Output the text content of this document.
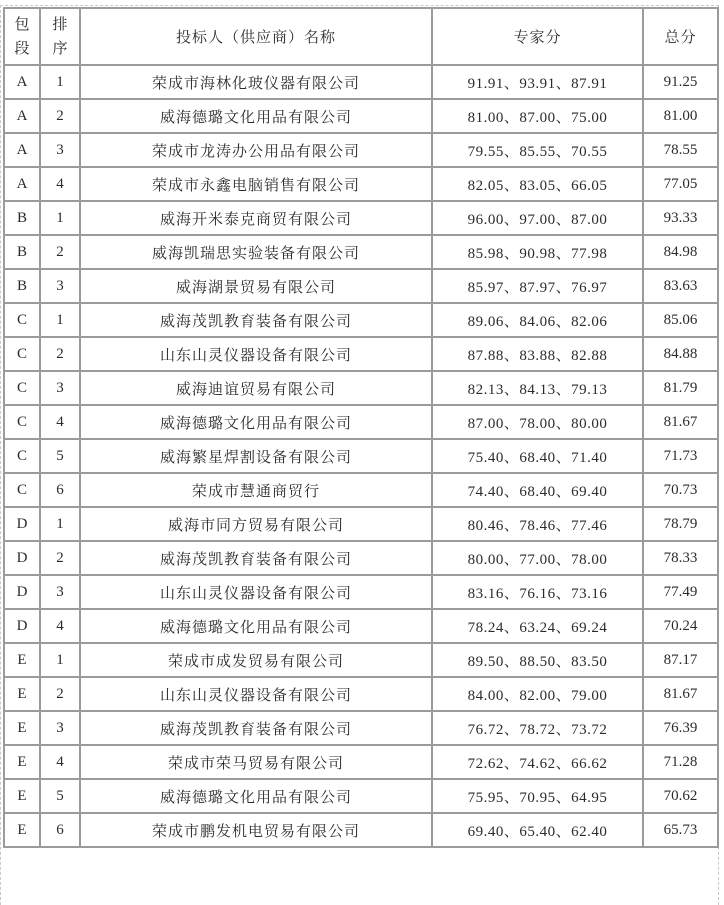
包段	排序	投标人（供应商）名称	专家分	总分
A	1	荣成市海林化玻仪器有限公司	91.91、93.91、87.91	91.25
A	2	威海德璐文化用品有限公司	81.00、87.00、75.00	81.00
A	3	荣成市龙涛办公用品有限公司	79.55、85.55、70.55	78.55
A	4	荣成市永鑫电脑销售有限公司	82.05、83.05、66.05	77.05
B	1	威海开米泰克商贸有限公司	96.00、97.00、87.00	93.33
B	2	威海凯瑞思实验装备有限公司	85.98、90.98、77.98	84.98
B	3	威海湖景贸易有限公司	85.97、87.97、76.97	83.63
C	1	威海茂凯教育装备有限公司	89.06、84.06、82.06	85.06
C	2	山东山灵仪器设备有限公司	87.88、83.88、82.88	84.88
C	3	威海迪谊贸易有限公司	82.13、84.13、79.13	81.79
C	4	威海德璐文化用品有限公司	87.00、78.00、80.00	81.67
C	5	威海繁星焊割设备有限公司	75.40、68.40、71.40	71.73
C	6	荣成市慧通商贸行	74.40、68.40、69.40	70.73
D	1	威海市同方贸易有限公司	80.46、78.46、77.46	78.79
D	2	威海茂凯教育装备有限公司	80.00、77.00、78.00	78.33
D	3	山东山灵仪器设备有限公司	83.16、76.16、73.16	77.49
D	4	威海德璐文化用品有限公司	78.24、63.24、69.24	70.24
E	1	荣成市成发贸易有限公司	89.50、88.50、83.50	87.17
E	2	山东山灵仪器设备有限公司	84.00、82.00、79.00	81.67
E	3	威海茂凯教育装备有限公司	76.72、78.72、73.72	76.39
E	4	荣成市荣马贸易有限公司	72.62、74.62、66.62	71.28
E	5	威海德璐文化用品有限公司	75.95、70.95、64.95	70.62
E	6	荣成市鹏发机电贸易有限公司	69.40、65.40、62.40	65.73
